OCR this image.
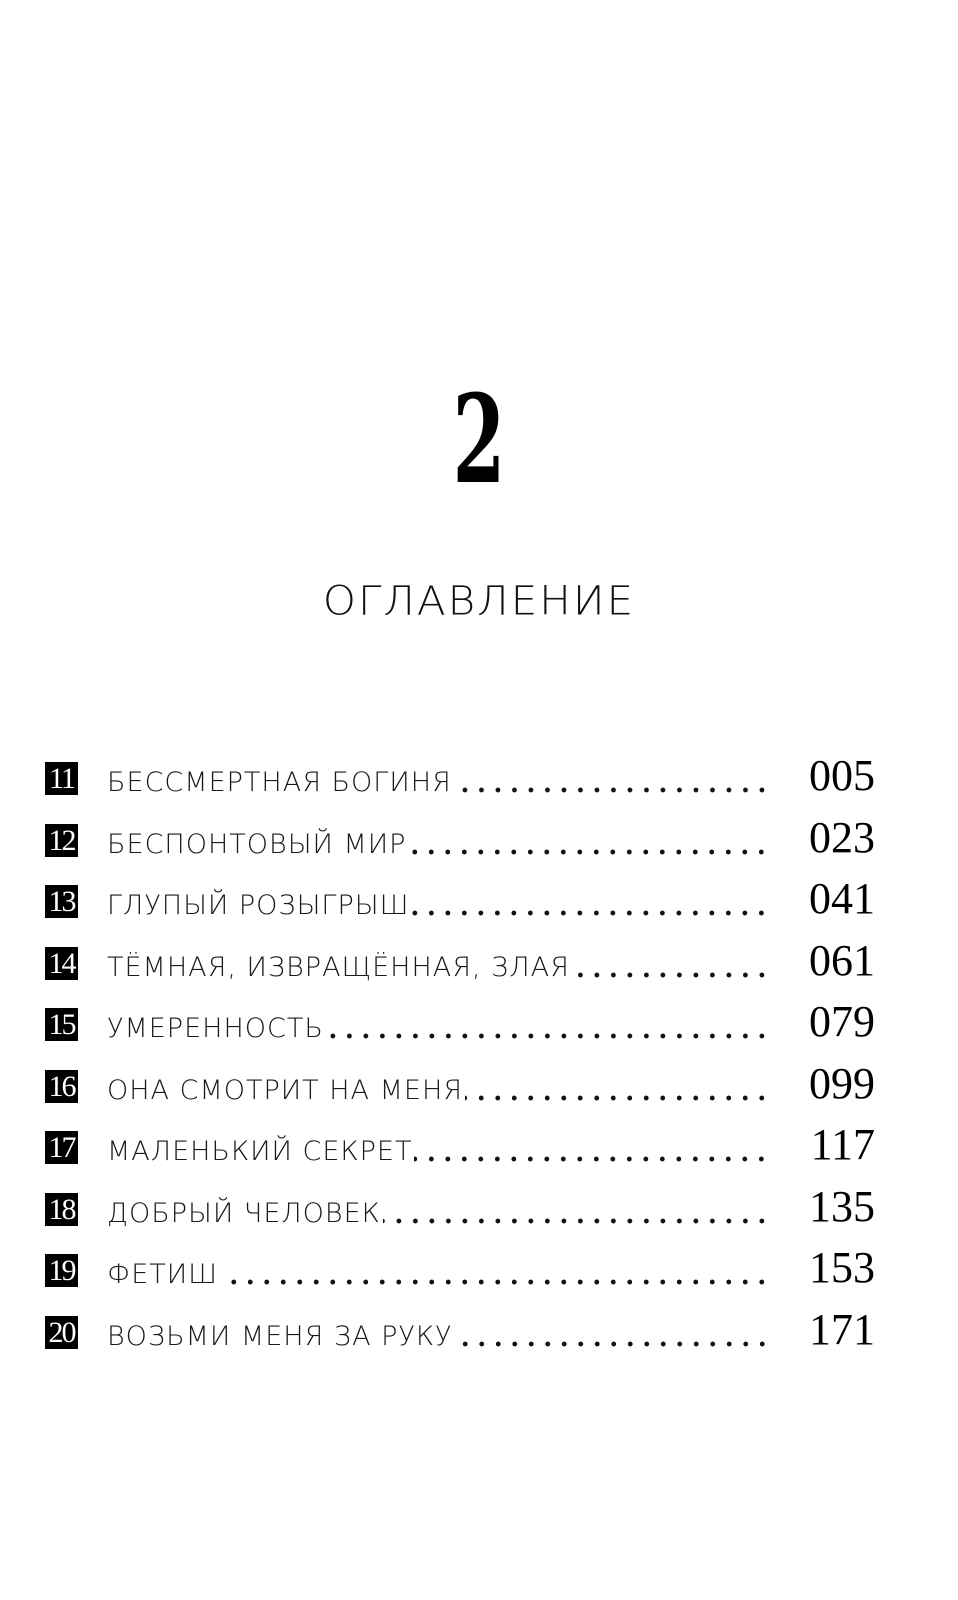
2
ОГЛАВЛЕНИЕ
11 БЕССМЕРТНАЯ БОГИНЯ	005
12 БЕСПОНТОВЫЙ МИР	023
13 ГЛУПЫЙ РОЗЫГРЫШ	041
14 ТЁМНАЯ, ИЗВРАЩЁННАЯ, ЗЛАЯ	061
15 УМЕРЕННОСТЬ	079
16 ОНА СМОТРИТ НА МЕНЯ	099
17 МАЛЕНЬКИЙ СЕКРЕТ	117
18 ДОБРЫЙ ЧЕЛОВЕК	135
19 ФЕТИШ	153
20 ВОЗЬМИ МЕНЯ ЗА РУКУ	171
